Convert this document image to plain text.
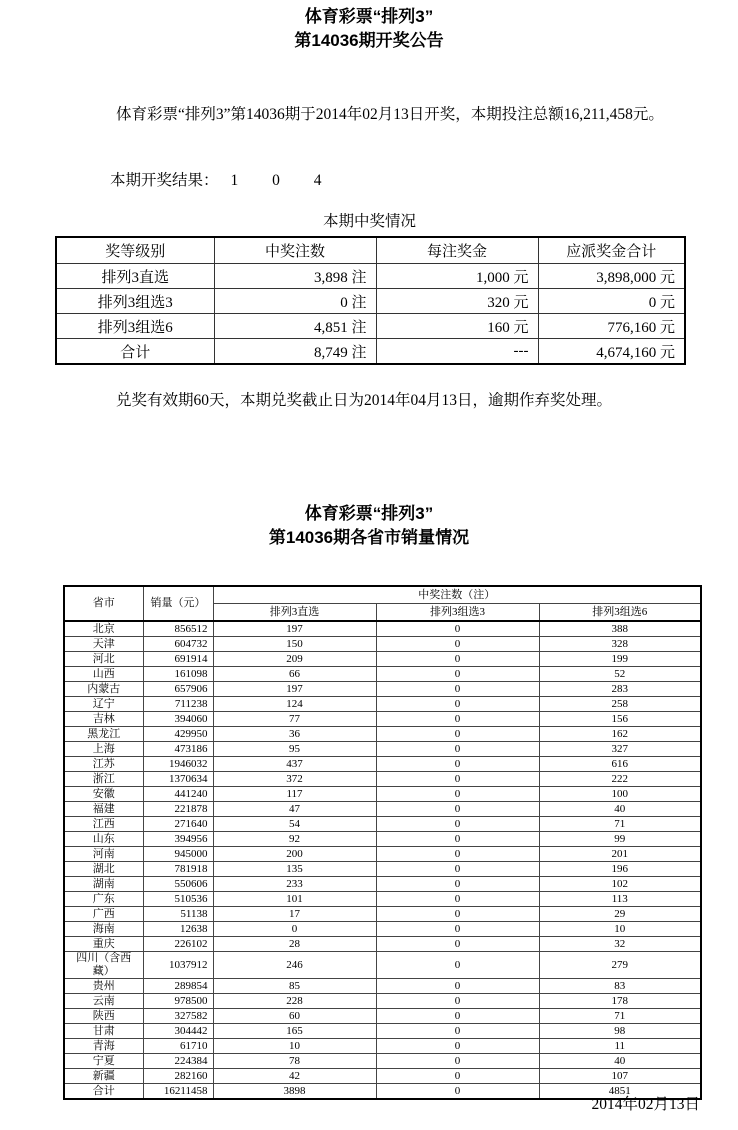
体育彩票“排列3”
第14036期开奖公告
体育彩票“排列3”第14036期于2014年02月13日开奖，本期投注总额16,211,458元。
本期开奖结果： 1 0 4
本期中奖情况
奖等级别	中奖注数	每注奖金	应派奖金合计
排列3直选	3,898 注	1,000 元	3,898,000 元
排列3组选3	0 注	320 元	0 元
排列3组选6	4,851 注	160 元	776,160 元
合计	8,749 注	---	4,674,160 元
兑奖有效期60天，本期兑奖截止日为2014年04月13日，逾期作弃奖处理。
体育彩票“排列3”
第14036期各省市销量情况
省市	销量（元）	中奖注数（注）		
		排列3直选	排列3组选3	排列3组选6
北京	856512	197	0	388
天津	604732	150	0	328
河北	691914	209	0	199
山西	161098	66	0	52
内蒙古	657906	197	0	283
辽宁	711238	124	0	258
吉林	394060	77	0	156
黑龙江	429950	36	0	162
上海	473186	95	0	327
江苏	1946032	437	0	616
浙江	1370634	372	0	222
安徽	441240	117	0	100
福建	221878	47	0	40
江西	271640	54	0	71
山东	394956	92	0	99
河南	945000	200	0	201
湖北	781918	135	0	196
湖南	550606	233	0	102
广东	510536	101	0	113
广西	51138	17	0	29
海南	12638	0	0	10
重庆	226102	28	0	32
四川（含西藏）	1037912	246	0	279
贵州	289854	85	0	83
云南	978500	228	0	178
陕西	327582	60	0	71
甘肃	304442	165	0	98
青海	61710	10	0	11
宁夏	224384	78	0	40
新疆	282160	42	0	107
合计	16211458	3898	0	4851
2014年02月13日
